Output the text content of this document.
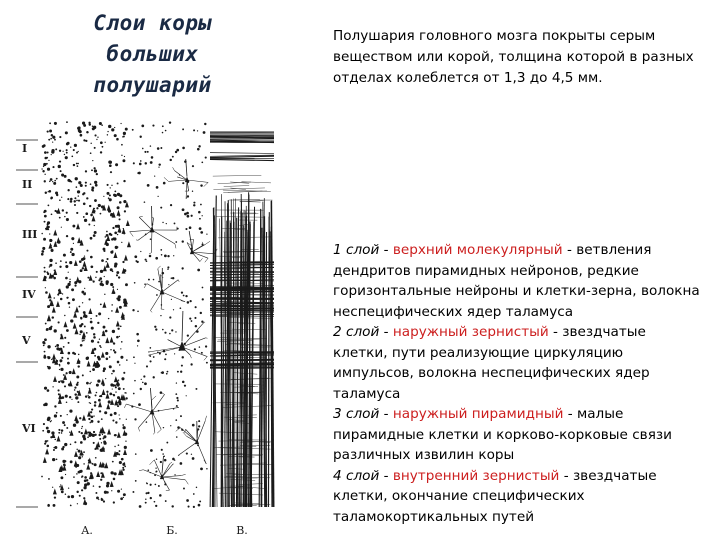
Слои коры
больших
полушарий

Полушария головного мозга покрыты серым веществом или корой, толщина которой в разных отделах колеблется от 1,3 до 4,5 мм.

1 слой - верхний молекулярный - ветвления дендритов пирамидных нейронов, редкие горизонтальные нейроны и клетки-зерна, волокна неспецифических ядер таламуса
2 слой - наружный зернистый - звездчатые клетки, пути реализующие циркуляцию импульсов, волокна неспецифических ядер таламуса
3 слой - наружный пирамидный - малые пирамидные клетки и корково-корковые связи различных извилин коры
4 слой - внутренний зернистый - звездчатые клетки, окончание специфических таламокортикальных путей
I
II
III
IV
V
VI
А.	Б.	В.
